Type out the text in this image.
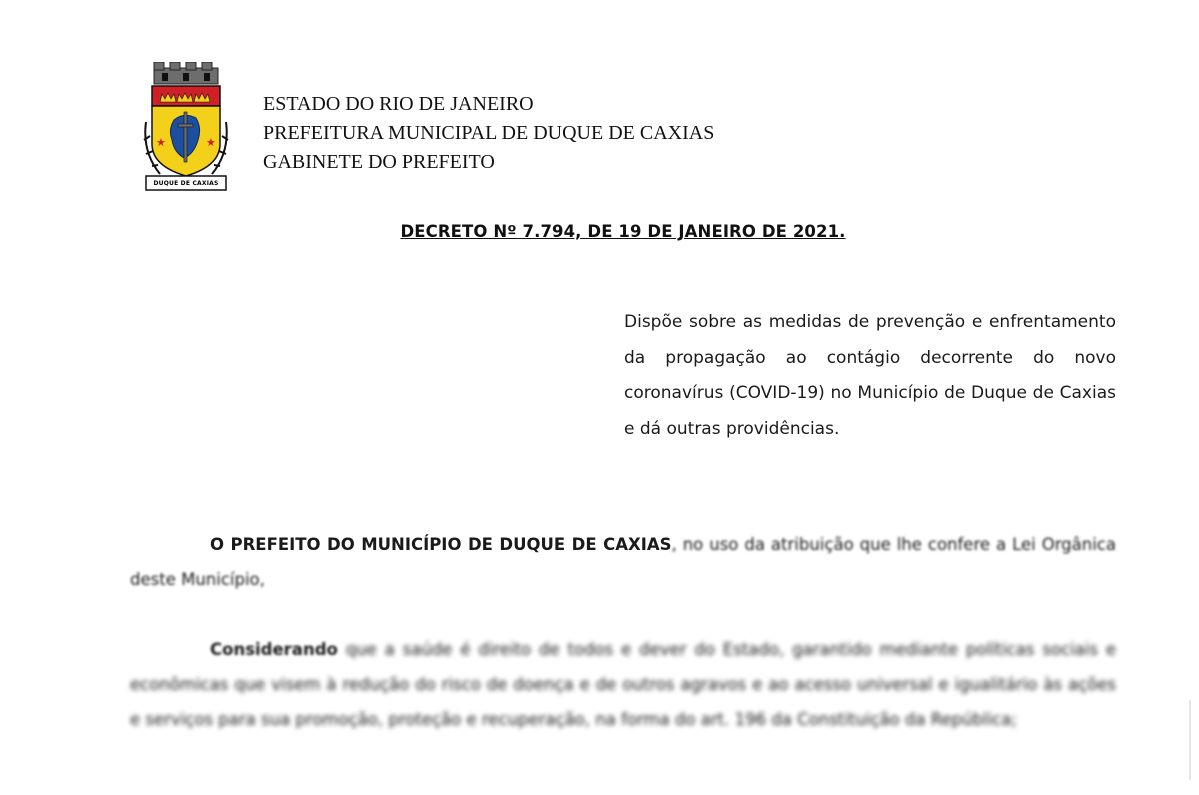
★	★
DUQUE DE CAXIAS
ESTADO DO RIO DE JANEIRO
PREFEITURA MUNICIPAL DE DUQUE DE CAXIAS
GABINETE DO PREFEITO
DECRETO Nº 7.794, DE 19 DE JANEIRO DE 2021.
Dispõe sobre as medidas de prevenção e enfrentamento da propagação ao contágio decorrente do novo coronavírus (COVID-19) no Município de Duque de Caxias e dá outras providências.
O PREFEITO DO MUNICÍPIO DE DUQUE DE CAXIAS, no uso da atribuição que lhe confere a Lei Orgânica deste Município,
Considerando que a saúde é direito de todos e dever do Estado, garantido mediante políticas sociais e econômicas que visem à redução do risco de doença e de outros agravos e ao acesso universal e igualitário às ações e serviços para sua promoção, proteção e recuperação, na forma do art. 196 da Constituição da República;
